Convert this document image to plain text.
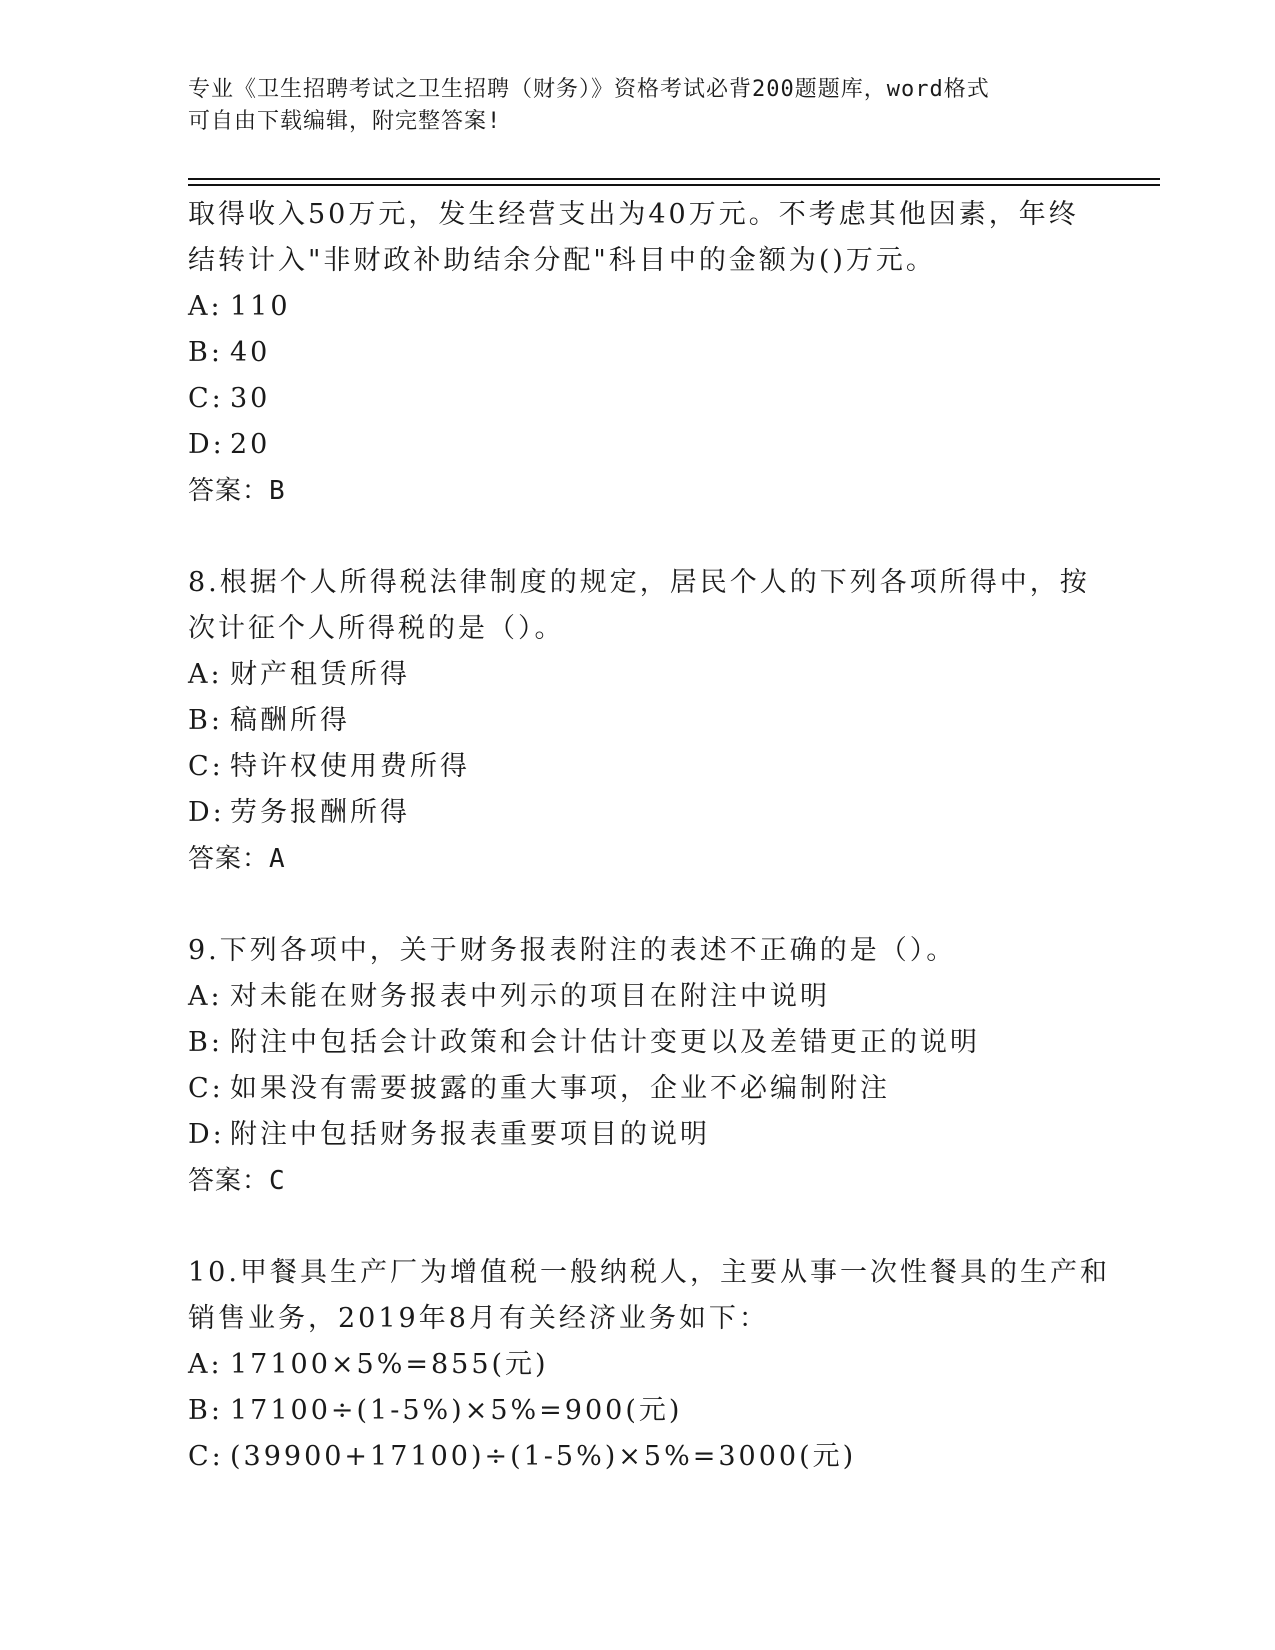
专业《卫生招聘考试之卫生招聘（财务）》资格考试必背200题题库，word格式
可自由下载编辑，附完整答案!
取得收入50万元，发生经营支出为40万元。不考虑其他因素，年终
结转计入"非财政补助结余分配"科目中的金额为()万元。
A: 110
B: 40
C: 30
D: 20
答案：B
8.根据个人所得税法律制度的规定，居民个人的下列各项所得中，按
次计征个人所得税的是（）。
A: 财产租赁所得
B: 稿酬所得
C: 特许权使用费所得
D: 劳务报酬所得
答案：A
9.下列各项中，关于财务报表附注的表述不正确的是（）。
A: 对未能在财务报表中列示的项目在附注中说明
B: 附注中包括会计政策和会计估计变更以及差错更正的说明
C: 如果没有需要披露的重大事项，企业不必编制附注
D: 附注中包括财务报表重要项目的说明
答案：C
10.甲餐具生产厂为增值税一般纳税人，主要从事一次性餐具的生产和
销售业务，2019年8月有关经济业务如下：
A: 17100×5%=855(元)
B: 17100÷(1-5%)×5%=900(元)
C: (39900+17100)÷(1-5%)×5%=3000(元)
